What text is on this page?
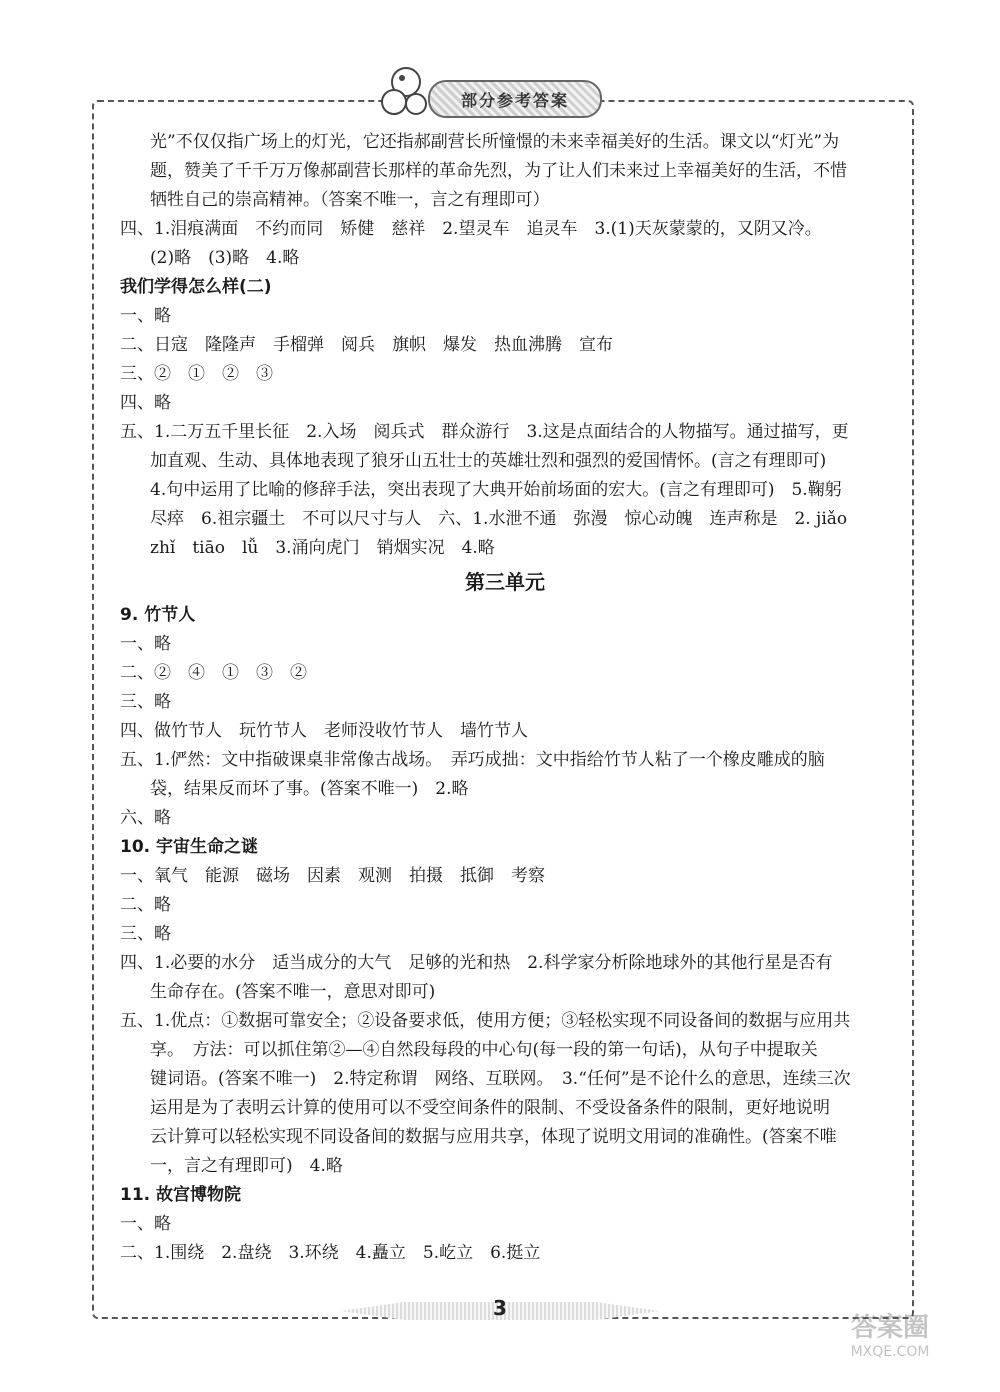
部分参考答案

光”不仅仅指广场上的灯光，它还指郝副营长所憧憬的未来幸福美好的生活。课文以“灯光”为

题，赞美了千千万万像郝副营长那样的革命先烈，为了让人们未来过上幸福美好的生活，不惜

牺牲自己的崇高精神。（答案不唯一，言之有理即可）

四、1.泪痕满面　不约而同　矫健　慈祥　2.望灵车　追灵车　3.(1)天灰蒙蒙的，又阴又冷。

(2)略　(3)略　4.略

我们学得怎么样(二)

一、略

二、日寇　隆隆声　手榴弹　阅兵　旗帜　爆发　热血沸腾　宣布

三、②　①　②　③

四、略

五、1.二万五千里长征　2.入场　阅兵式　群众游行　3.这是点面结合的人物描写。通过描写，更

加直观、生动、具体地表现了狼牙山五壮士的英雄壮烈和强烈的爱国情怀。(言之有理即可)

4.句中运用了比喻的修辞手法，突出表现了大典开始前场面的宏大。(言之有理即可)　5.鞠躬

尽瘁　6.祖宗疆土　不可以尺寸与人　六、1.水泄不通　弥漫　惊心动魄　连声称是　2. jiǎo

zhǐ　tiāo　lǚ　3.涌向虎门　销烟实况　4.略

第三单元

9. 竹节人

一、略

二、②　④　①　③　②

三、略

四、做竹节人　玩竹节人　老师没收竹节人　墙竹节人

五、1.俨然：文中指破课桌非常像古战场。　弄巧成拙：文中指给竹节人粘了一个橡皮雕成的脑

袋，结果反而坏了事。(答案不唯一)　2.略

六、略

10. 宇宙生命之谜

一、氧气　能源　磁场　因素　观测　拍摄　抵御　考察

二、略

三、略

四、1.必要的水分　适当成分的大气　足够的光和热　2.科学家分析除地球外的其他行星是否有

生命存在。(答案不唯一，意思对即可)

五、1.优点：①数据可靠安全；②设备要求低，使用方便；③轻松实现不同设备间的数据与应用共

享。　方法：可以抓住第②—④自然段每段的中心句(每一段的第一句话)，从句子中提取关

键词语。(答案不唯一)　2.特定称谓　网络、互联网。　3.“任何”是不论什么的意思，连续三次

运用是为了表明云计算的使用可以不受空间条件的限制、不受设备条件的限制，更好地说明

云计算可以轻松实现不同设备间的数据与应用共享，体现了说明文用词的准确性。(答案不唯

一，言之有理即可)　4.略

11. 故宫博物院

一、略

二、1.围绕　2.盘绕　3.环绕　4.矗立　5.屹立　6.挺立

3
答案圈
MXQE.COM
